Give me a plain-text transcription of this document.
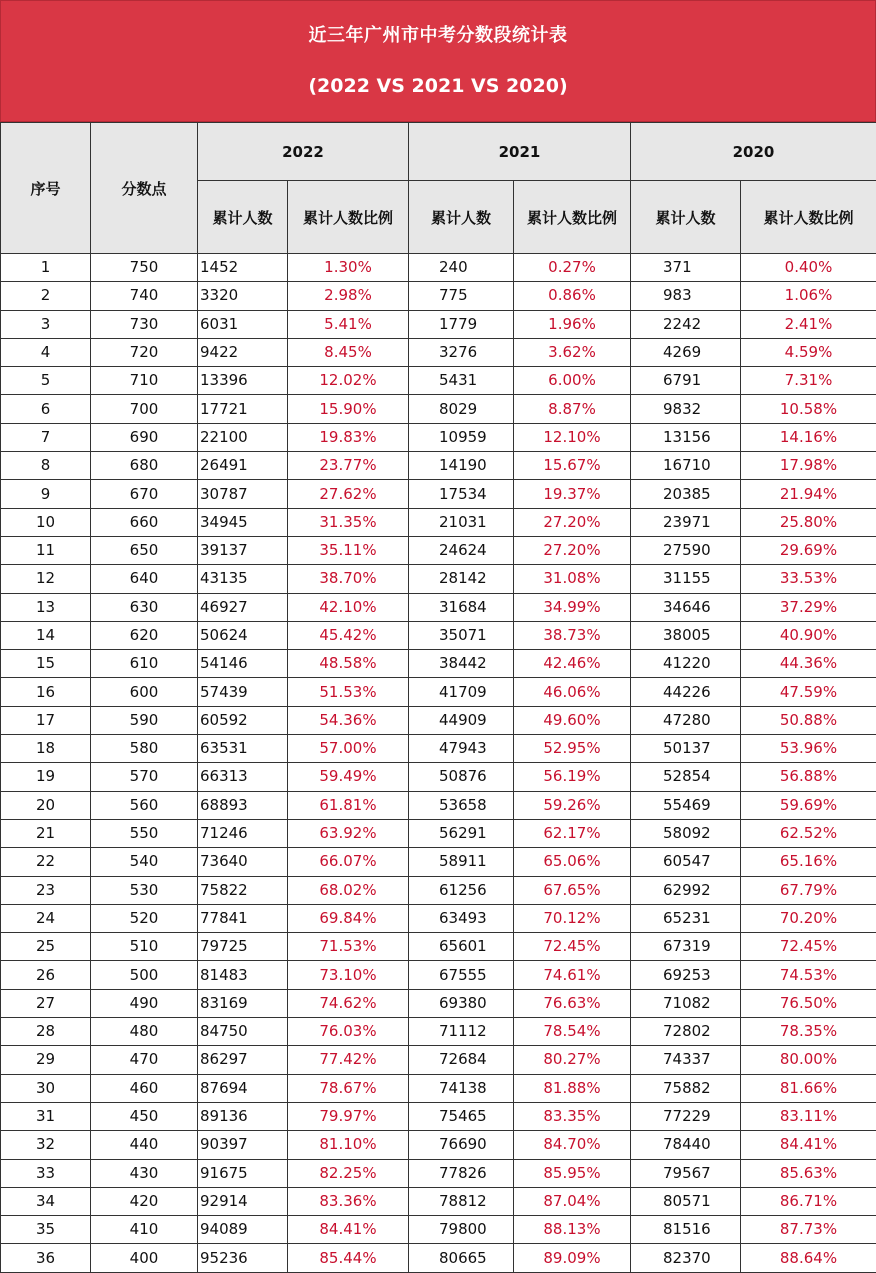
近三年广州市中考分数段统计表
(2022 VS 2021 VS 2020)
序号	分数点	2022		2021		2020	
		累计人数	累计人数比例	累计人数	累计人数比例	累计人数	累计人数比例
1	750	1452	1.30%	240	0.27%	371	0.40%
2	740	3320	2.98%	775	0.86%	983	1.06%
3	730	6031	5.41%	1779	1.96%	2242	2.41%
4	720	9422	8.45%	3276	3.62%	4269	4.59%
5	710	13396	12.02%	5431	6.00%	6791	7.31%
6	700	17721	15.90%	8029	8.87%	9832	10.58%
7	690	22100	19.83%	10959	12.10%	13156	14.16%
8	680	26491	23.77%	14190	15.67%	16710	17.98%
9	670	30787	27.62%	17534	19.37%	20385	21.94%
10	660	34945	31.35%	21031	27.20%	23971	25.80%
11	650	39137	35.11%	24624	27.20%	27590	29.69%
12	640	43135	38.70%	28142	31.08%	31155	33.53%
13	630	46927	42.10%	31684	34.99%	34646	37.29%
14	620	50624	45.42%	35071	38.73%	38005	40.90%
15	610	54146	48.58%	38442	42.46%	41220	44.36%
16	600	57439	51.53%	41709	46.06%	44226	47.59%
17	590	60592	54.36%	44909	49.60%	47280	50.88%
18	580	63531	57.00%	47943	52.95%	50137	53.96%
19	570	66313	59.49%	50876	56.19%	52854	56.88%
20	560	68893	61.81%	53658	59.26%	55469	59.69%
21	550	71246	63.92%	56291	62.17%	58092	62.52%
22	540	73640	66.07%	58911	65.06%	60547	65.16%
23	530	75822	68.02%	61256	67.65%	62992	67.79%
24	520	77841	69.84%	63493	70.12%	65231	70.20%
25	510	79725	71.53%	65601	72.45%	67319	72.45%
26	500	81483	73.10%	67555	74.61%	69253	74.53%
27	490	83169	74.62%	69380	76.63%	71082	76.50%
28	480	84750	76.03%	71112	78.54%	72802	78.35%
29	470	86297	77.42%	72684	80.27%	74337	80.00%
30	460	87694	78.67%	74138	81.88%	75882	81.66%
31	450	89136	79.97%	75465	83.35%	77229	83.11%
32	440	90397	81.10%	76690	84.70%	78440	84.41%
33	430	91675	82.25%	77826	85.95%	79567	85.63%
34	420	92914	83.36%	78812	87.04%	80571	86.71%
35	410	94089	84.41%	79800	88.13%	81516	87.73%
36	400	95236	85.44%	80665	89.09%	82370	88.64%
